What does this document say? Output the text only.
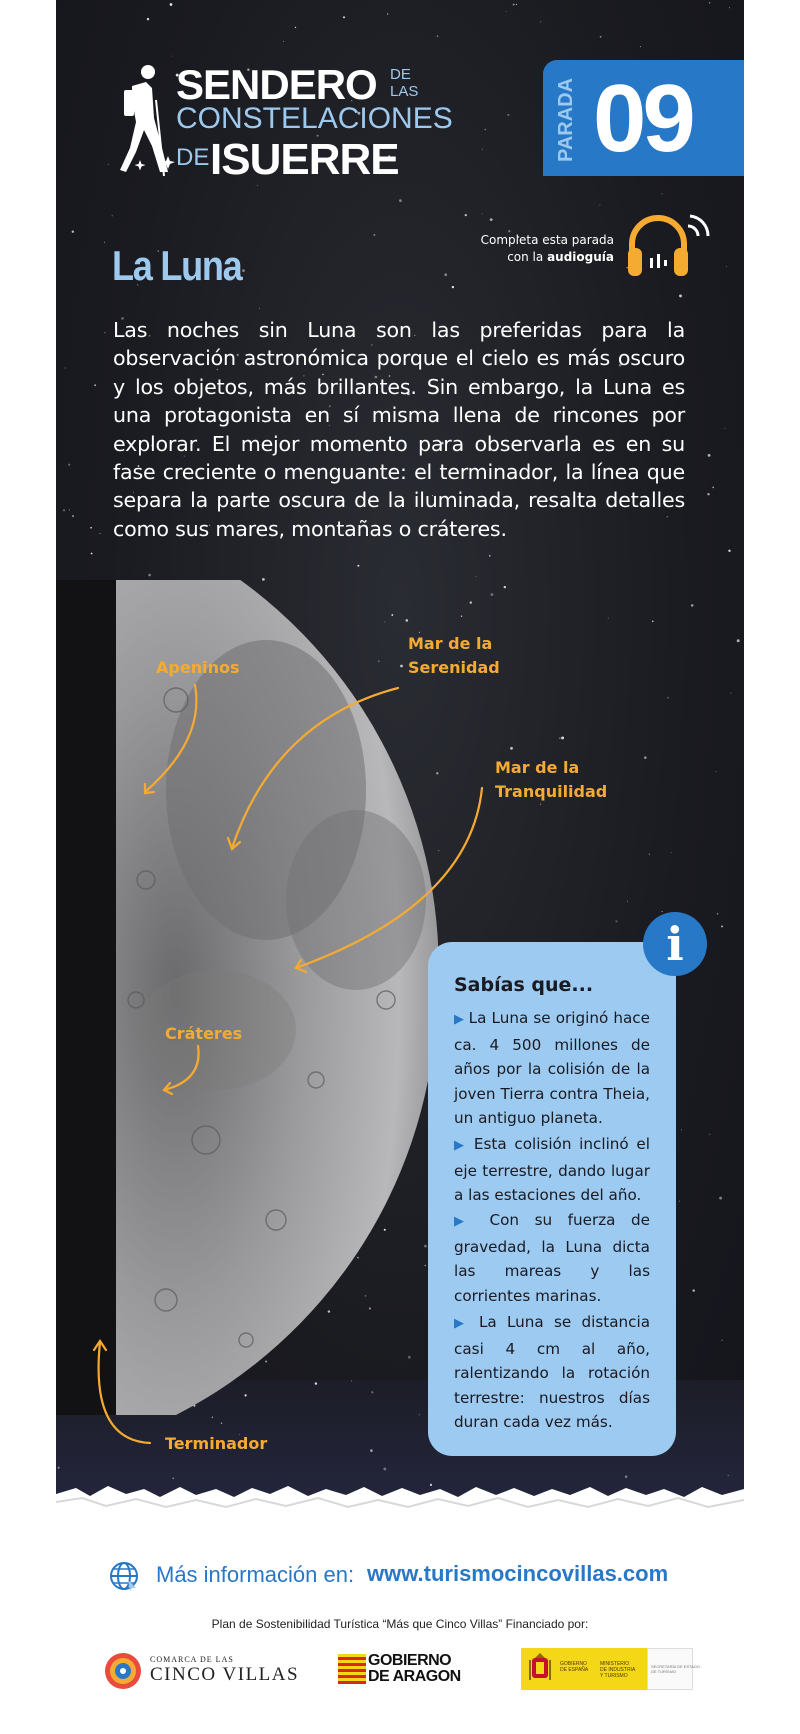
SENDERO DE
LAS
CONSTELACIONES
DE ISUERRE	PARADA 09
Completa esta parada con la audioguía
La Luna
Las noches sin Luna son las preferidas para la observación astronómica porque el cielo es más oscuro y los objetos, más brillantes. Sin embargo, la Luna es una protagonista en sí misma llena de rincones por explorar. El mejor momento para observarla es en su fase creciente o menguante: el terminador, la línea que separa la parte oscura de la iluminada, resalta detalles como sus mares, montañas o cráteres.
Apeninos
Mar de la
Serenidad
Mar de la
Tranquilidad
Cráteres
Terminador
i
Sabías que...
▶ La Luna se originó hace ca. 4 500 millones de años por la colisión de la joven Tierra contra Theia, un antiguo planeta.
▶ Esta colisión inclinó el eje terrestre, dando lugar a las estaciones del año.
▶ Con su fuerza de gravedad, la Luna dicta las mareas y las corrientes marinas.
▶ La Luna se distancia casi 4 cm al año, ralentizando la rotación terrestre: nuestros días duran cada vez más.
Más información en: www.turismocincovillas.com
Plan de Sostenibilidad Turística “Más que Cinco Villas” Financiado por:
COMARCA DE LAS
CINCO VILLAS
GOBIERNO
DE ARAGON
GOBIERNO
DE ESPAÑA
MINISTERIO
DE INDUSTRIA
Y TURISMO
SECRETARÍA DE ESTADO
DE TURISMO
